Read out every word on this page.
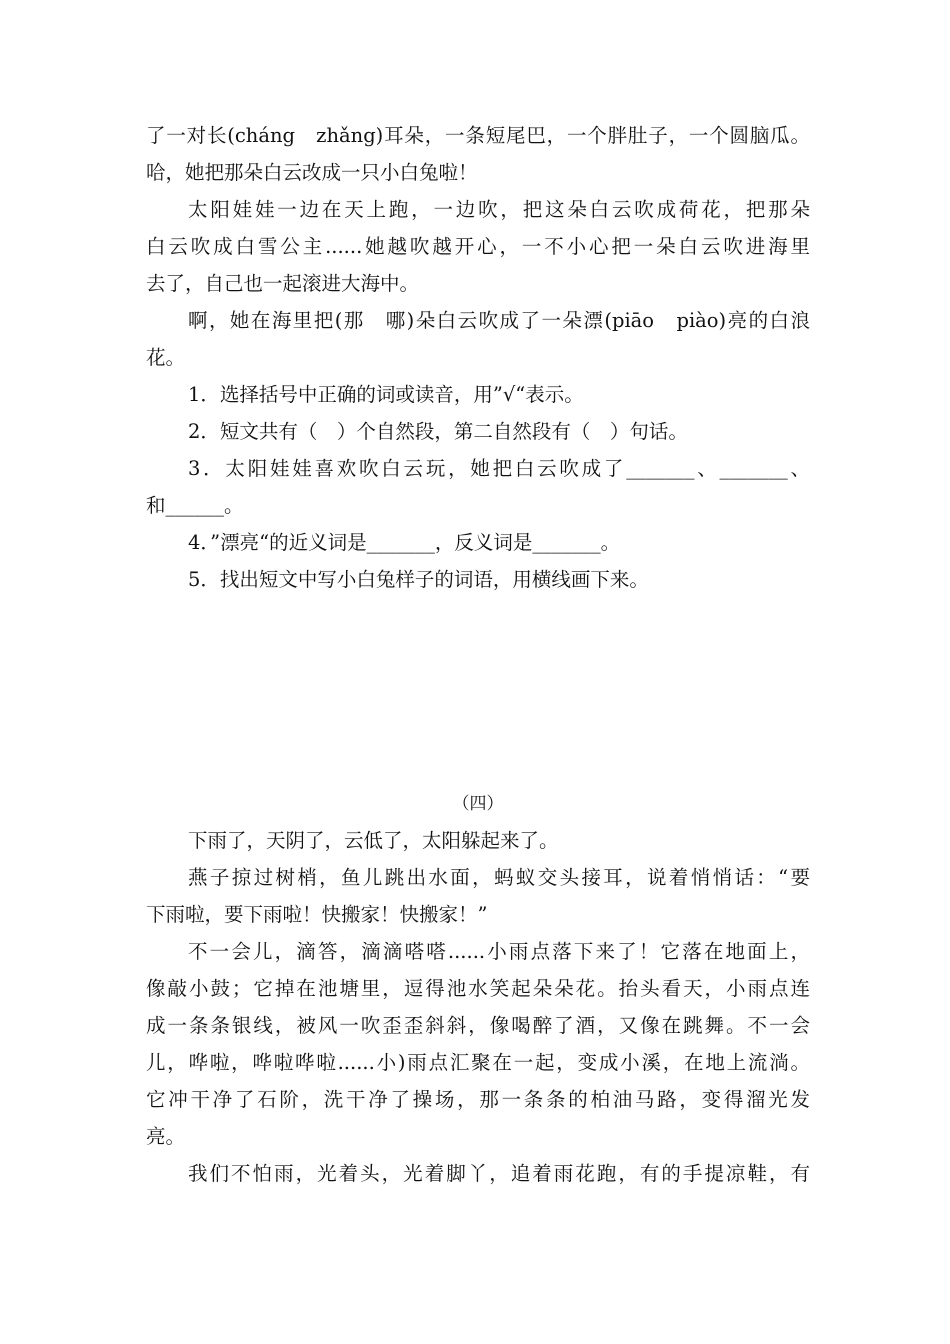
了一对长(cháng　zhǎng)耳朵，一条短尾巴，一个胖肚子，一个圆脑瓜。
哈，她把那朵白云改成一只小白兔啦！
太阳娃娃一边在天上跑，一边吹，把这朵白云吹成荷花，把那朵
白云吹成白雪公主......她越吹越开心，一不小心把一朵白云吹进海里
去了，自己也一起滚进大海中。
啊，她在海里把(那　哪)朵白云吹成了一朵漂(piāo　piào)亮的白浪
花。
1．选择括号中正确的词或读音，用”√“表示。
2．短文共有（　）个自然段，第二自然段有（　）句话。
3．太阳娃娃喜欢吹白云玩，她把白云吹成了_______、_______、
和______。
4．”漂亮“的近义词是_______，反义词是_______。
5．找出短文中写小白兔样子的词语，用横线画下来。
（四）
下雨了，天阴了，云低了，太阳躲起来了。
燕子掠过树梢，鱼儿跳出水面，蚂蚁交头接耳，说着悄悄话：“要
下雨啦，要下雨啦！快搬家！快搬家！”
不一会儿，滴答，滴滴嗒嗒......小雨点落下来了！它落在地面上，
像敲小鼓；它掉在池塘里，逗得池水笑起朵朵花。抬头看天，小雨点连
成一条条银线，被风一吹歪歪斜斜，像喝醉了酒，又像在跳舞。不一会
儿，哗啦，哗啦哗啦......小)雨点汇聚在一起，变成小溪，在地上流淌。
它冲干净了石阶，洗干净了操场，那一条条的柏油马路，变得溜光发
亮。
我们不怕雨，光着头，光着脚丫，追着雨花跑，有的手提凉鞋，有
